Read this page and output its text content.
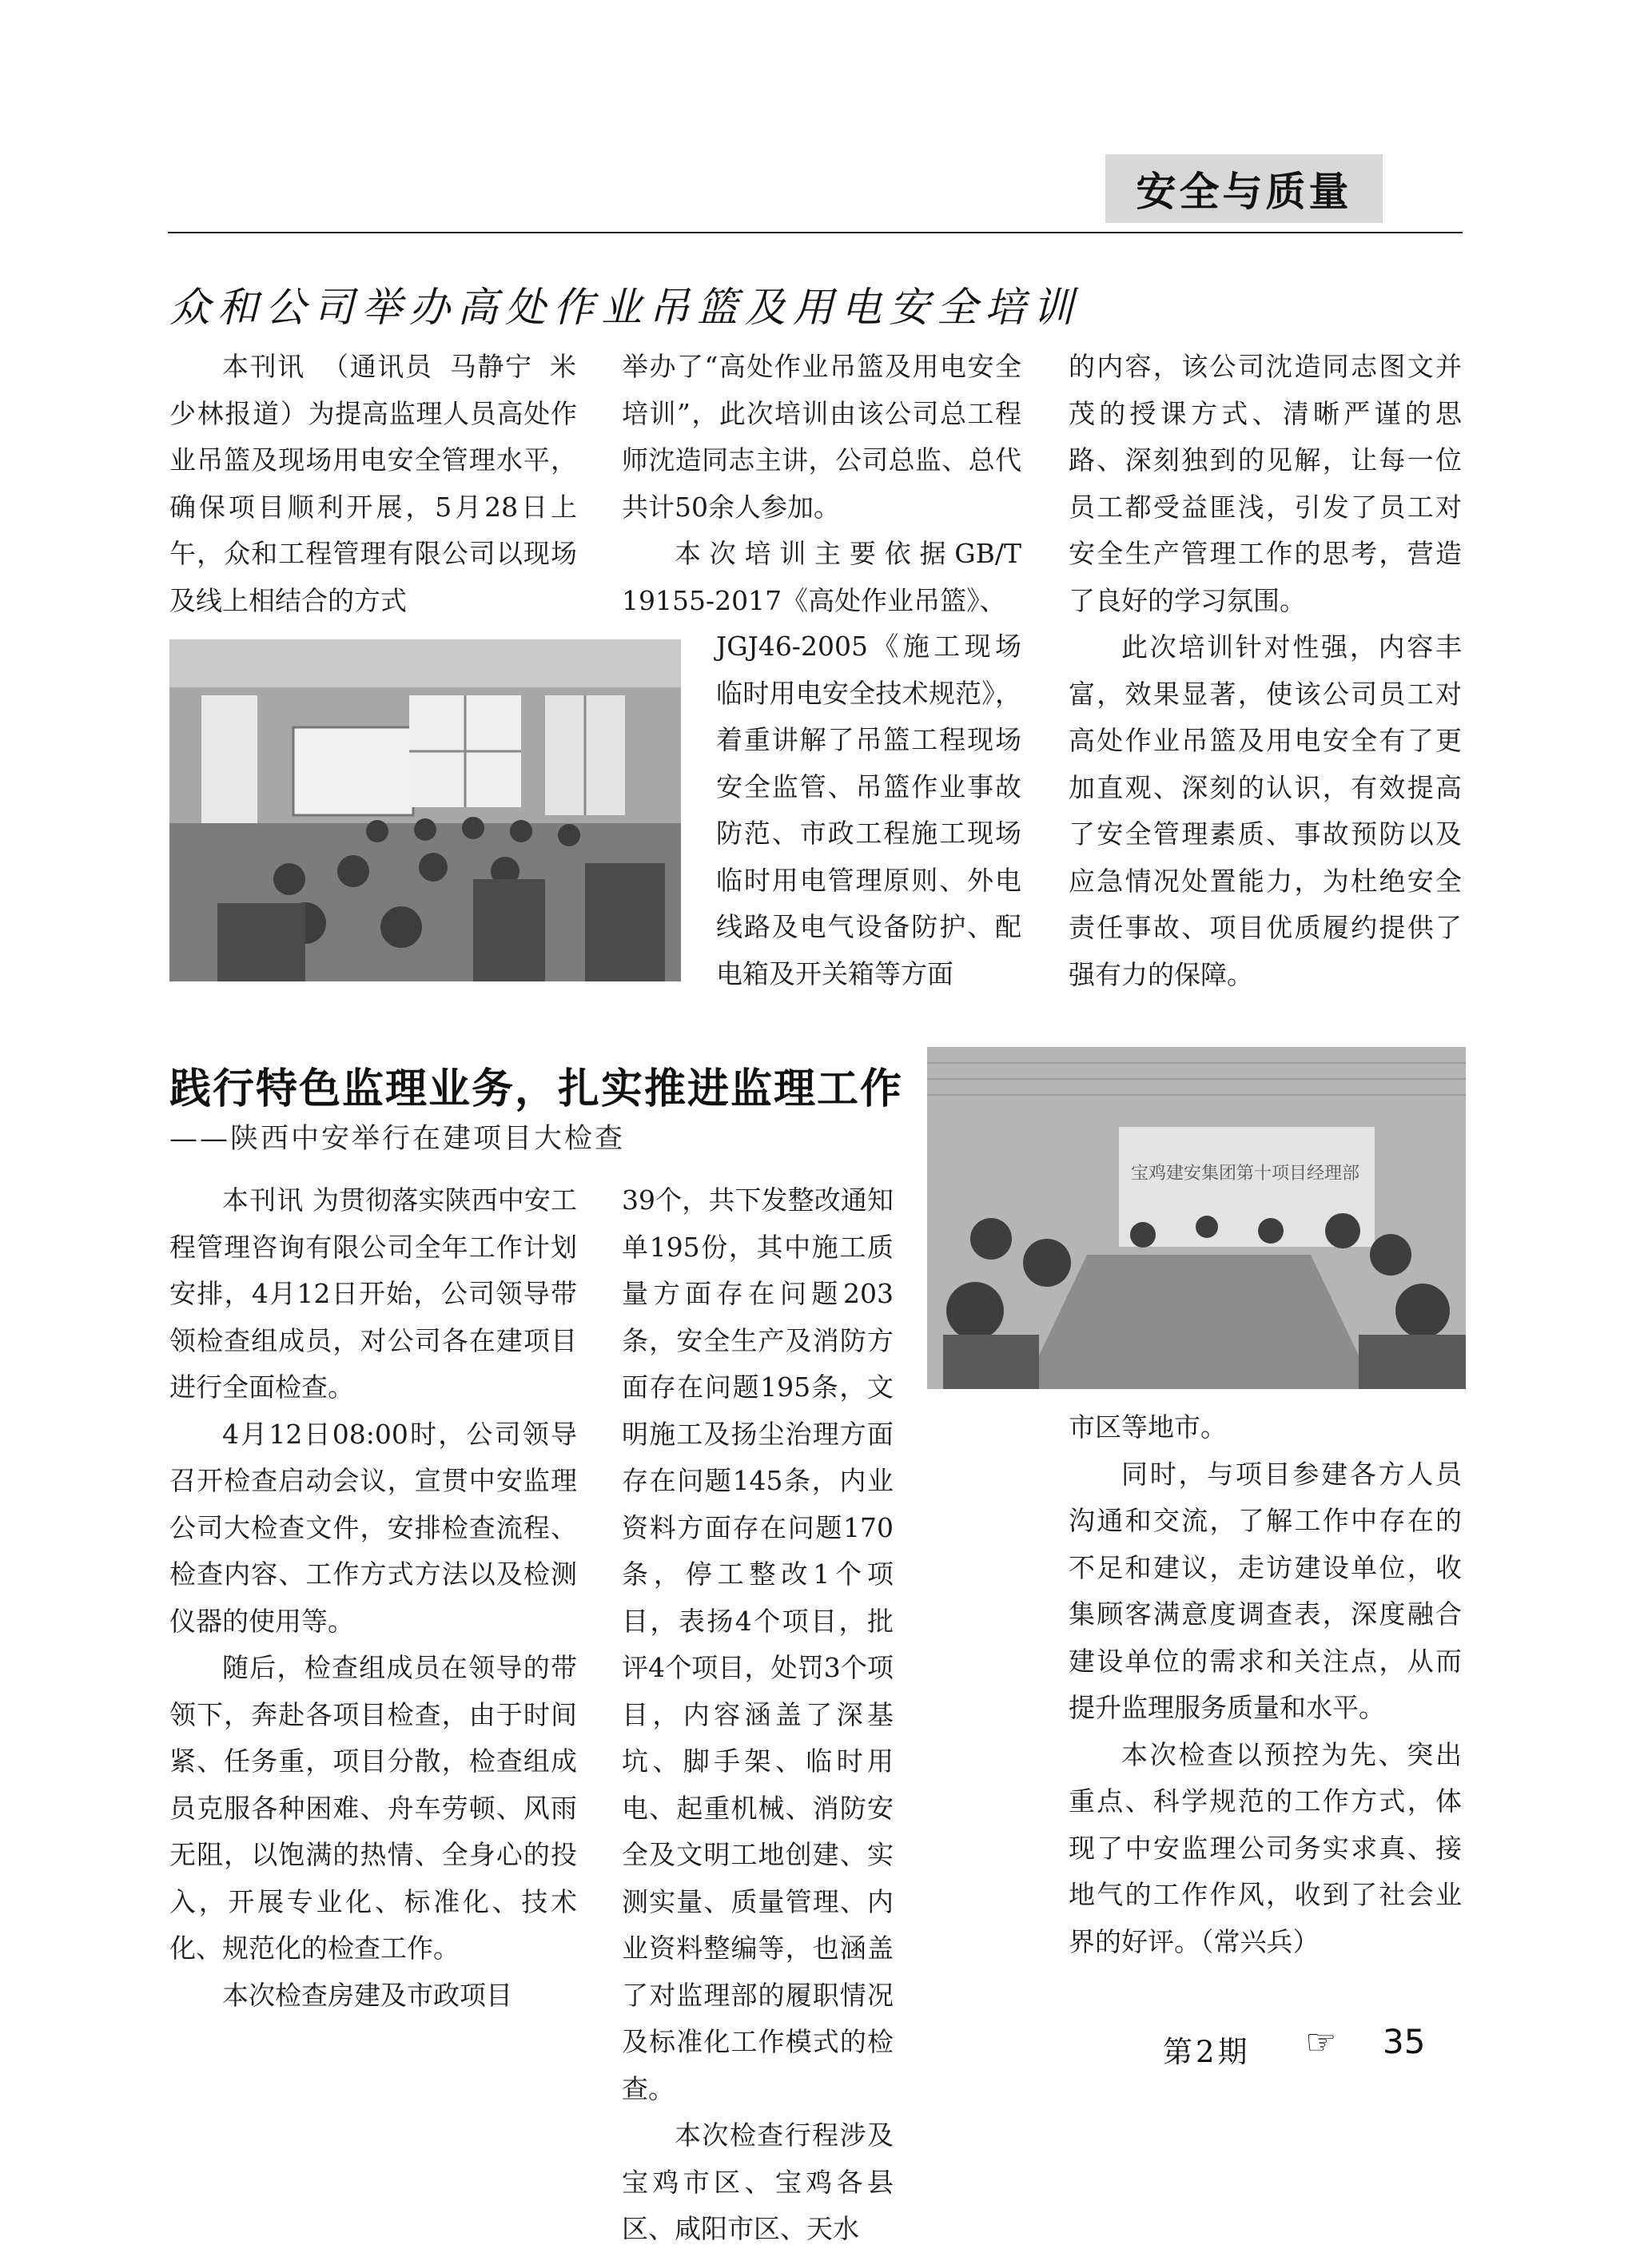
安全与质量
众和公司举办高处作业吊篮及用电安全培训

本刊讯 （通讯员 马静宁 米少林报道）为提高监理人员高处作业吊篮及现场用电安全管理水平，确保项目顺利开展，5月28日上午，众和工程管理有限公司以现场及线上相结合的方式

举办了“高处作业吊篮及用电安全培训”，此次培训由该公司总工程师沈造同志主讲，公司总监、总代共计50余人参加。

本次培训主要依据GB/T 19155-2017《高处作业吊篮》、

JGJ46-2005《施工现场临时用电安全技术规范》，着重讲解了吊篮工程现场安全监管、吊篮作业事故防范、市政工程施工现场临时用电管理原则、外电线路及电气设备防护、配电箱及开关箱等方面

的内容，该公司沈造同志图文并茂的授课方式、清晰严谨的思路、深刻独到的见解，让每一位员工都受益匪浅，引发了员工对安全生产管理工作的思考，营造了良好的学习氛围。

此次培训针对性强，内容丰富，效果显著，使该公司员工对高处作业吊篮及用电安全有了更加直观、深刻的认识，有效提高了安全管理素质、事故预防以及应急情况处置能力，为杜绝安全责任事故、项目优质履约提供了强有力的保障。

践行特色监理业务，扎实推进监理工作
——陕西中安举行在建项目大检查
宝鸡建安集团第十项目经理部

本刊讯 为贯彻落实陕西中安工程管理咨询有限公司全年工作计划安排，4月12日开始，公司领导带领检查组成员，对公司各在建项目进行全面检查。

4月12日08:00时，公司领导召开检查启动会议，宣贯中安监理公司大检查文件，安排检查流程、检查内容、工作方式方法以及检测仪器的使用等。

随后，检查组成员在领导的带领下，奔赴各项目检查，由于时间紧、任务重，项目分散，检查组成员克服各种困难、舟车劳顿、风雨无阻，以饱满的热情、全身心的投入，开展专业化、标准化、技术化、规范化的检查工作。

本次检查房建及市政项目

39个，共下发整改通知单195份，其中施工质量方面存在问题203条，安全生产及消防方面存在问题195条，文明施工及扬尘治理方面存在问题145条，内业资料方面存在问题170条，停工整改1个项目，表扬4个项目，批评4个项目，处罚3个项目，内容涵盖了深基坑、脚手架、临时用电、起重机械、消防安全及文明工地创建、实测实量、质量管理、内业资料整编等，也涵盖了对监理部的履职情况及标准化工作模式的检查。

本次检查行程涉及宝鸡市区、宝鸡各县区、咸阳市区、天水

市区等地市。

同时，与项目参建各方人员沟通和交流，了解工作中存在的不足和建议，走访建设单位，收集顾客满意度调查表，深度融合建设单位的需求和关注点，从而提升监理服务质量和水平。

本次检查以预控为先、突出重点、科学规范的工作方式，体现了中安监理公司务实求真、接地气的工作作风，收到了社会业界的好评。（常兴兵）

第2期 ☞ 35
